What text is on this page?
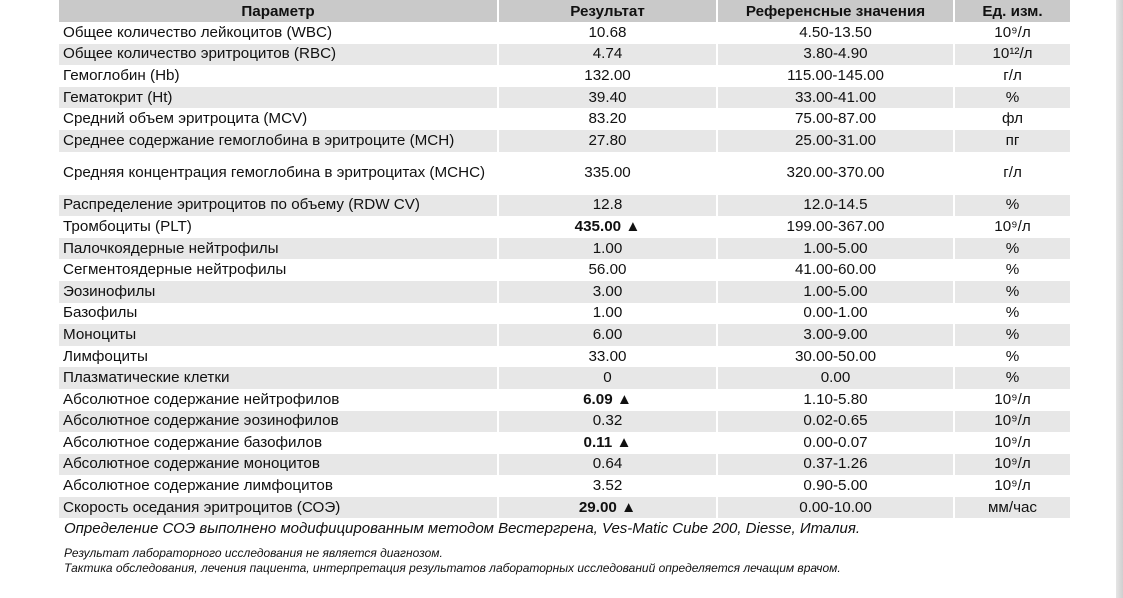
Параметр	Результат	Референсные значения	Ед. изм.
Общее количество лейкоцитов (WBC)	10.68	4.50-13.50	10⁹/л
Общее количество эритроцитов (RBC)	4.74	3.80-4.90	10¹²/л
Гемоглобин (Hb)	132.00	115.00-145.00	г/л
Гематокрит (Ht)	39.40	33.00-41.00	%
Средний объем эритроцита (MCV)	83.20	75.00-87.00	фл
Среднее содержание гемоглобина в эритроците (MCH)	27.80	25.00-31.00	пг
Средняя концентрация гемоглобина в эритроцитах (MCHC)	335.00	320.00-370.00	г/л
Распределение эритроцитов по объему (RDW CV)	12.8	12.0-14.5	%
Тромбоциты (PLT)	435.00 ▲	199.00-367.00	10⁹/л
Палочкоядерные нейтрофилы	1.00	1.00-5.00	%
Сегментоядерные нейтрофилы	56.00	41.00-60.00	%
Эозинофилы	3.00	1.00-5.00	%
Базофилы	1.00	0.00-1.00	%
Моноциты	6.00	3.00-9.00	%
Лимфоциты	33.00	30.00-50.00	%
Плазматические клетки	0	0.00	%
Абсолютное содержание нейтрофилов	6.09 ▲	1.10-5.80	10⁹/л
Абсолютное содержание эозинофилов	0.32	0.02-0.65	10⁹/л
Абсолютное содержание базофилов	0.11 ▲	0.00-0.07	10⁹/л
Абсолютное содержание моноцитов	0.64	0.37-1.26	10⁹/л
Абсолютное содержание лимфоцитов	3.52	0.90-5.00	10⁹/л
Скорость оседания эритроцитов (СОЭ)	29.00 ▲	0.00-10.00	мм/час
Определение СОЭ выполнено модифицированным методом Вестергрена, Ves-Matic Cube 200, Diesse, Италия.
Результат лабораторного исследования не является диагнозом.
Тактика обследования, лечения пациента, интерпретация результатов лабораторных исследований определяется лечащим врачом.
